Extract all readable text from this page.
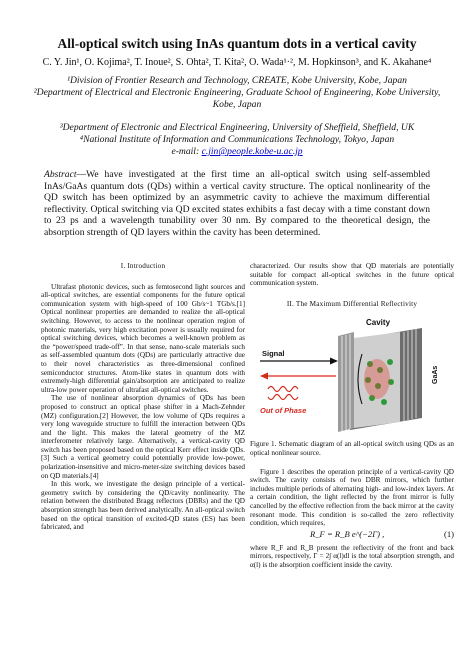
All-optical switch using InAs quantum dots in a vertical cavity
C. Y. Jin¹, O. Kojima², T. Inoue², S. Ohta², T. Kita², O. Wada¹·², M. Hopkinson³, and K. Akahane⁴
¹Division of Frontier Research and Technology, CREATE, Kobe University, Kobe, Japan
²Department of Electrical and Electronic Engineering, Graduate School of Engineering, Kobe University, Kobe, Japan
³Department of Electronic and Electrical Engineering, University of Sheffield, Sheffield, UK
⁴National Institute of Information and Communications Technology, Tokyo, Japan
e-mail: c.jin@people.kobe-u.ac.jp
Abstract—We have investigated at the first time an all-optical switch using self-assembled InAs/GaAs quantum dots (QDs) within a vertical cavity structure. The optical nonlinearity of the QD switch has been optimized by an asymmetric cavity to achieve the maximum differential reflectivity. Optical switching via QD excited states exhibits a fast decay with a time constant down to 23 ps and a wavelength tunability over 30 nm. By compared to the theoretical design, the absorption strength of QD layers within the cavity has been determined.

I. Introduction

Ultrafast photonic devices, such as femtosecond light sources and all-optical switches, are essential components for the future optical communication system with high-speed of 100 Gb/s~1 TGb/s.[1] Optical nonlinear properties are demanded to realize the all-optical switching. However, to access to the nonlinear operation region of photonic materials, very high excitation power is usually required for optical switching devices, which becomes a well-known problem as the “power/speed trade-off”. In that sense, nano-scale materials such as self-assembled quantum dots (QDs) are particularly attractive due to their novel characteristics as three-dimensional confined semiconductor structures. Atom-like states in quantum dots with extremely-high differential gain/absorption are anticipated to realize ultra-low power operation of ultrafast all-optical switches.

The use of nonlinear absorption dynamics of QDs has been proposed to construct an optical phase shifter in a Mach-Zehnder (MZ) configuration.[2] However, the low volume of QDs requires a very long waveguide structure to fulfill the interaction between QDs and the light. This makes the lateral geometry of the MZ interferometer relatively large. Alternatively, a vertical-cavity QD switch has been proposed based on the optical Kerr effect inside QDs.[3] Such a vertical geometry could potentially provide low-power, polarization-insensitive and micro-meter-size switching devices based on QD materials.[4]

In this work, we investigate the design principle of a vertical-geometry switch by considering the QD/cavity nonlinearity. The relation between the distributed Bragg reflectors (DBRs) and the QD absorption strength has been derived analytically. An all-optical switch based on the optical transition of excited-QD states (ES) has been fabricated, and

characterized. Our results show that QD materials are potentially suitable for compact all-optical switches in the future optical communication system.

II. The Maximum Differential Reflectivity

Cavity
GaAs
Signal
Out of Phase

Figure 1. Schematic diagram of an all-optical switch using QDs as an optical nonlinear source.

Figure 1 describes the operation principle of a vertical-cavity QD switch. The cavity consists of two DBR mirrors, which further includes multiple periods of alternating high- and low-index layers. At a certain condition, the light reflected by the front mirror is fully cancelled by the effective reflection from the back mirror at the cavity resonant mode. This condition is so-called the zero reflectivity condition, which requires,

R_F = R_B e^(−2Γ) ,	(1)

where R_F and R_B present the reflectivity of the front and back mirrors, respectively, Γ = 2∫ α(l)dl is the total absorption strength, and α(l) is the absorption coefficient inside the cavity.
